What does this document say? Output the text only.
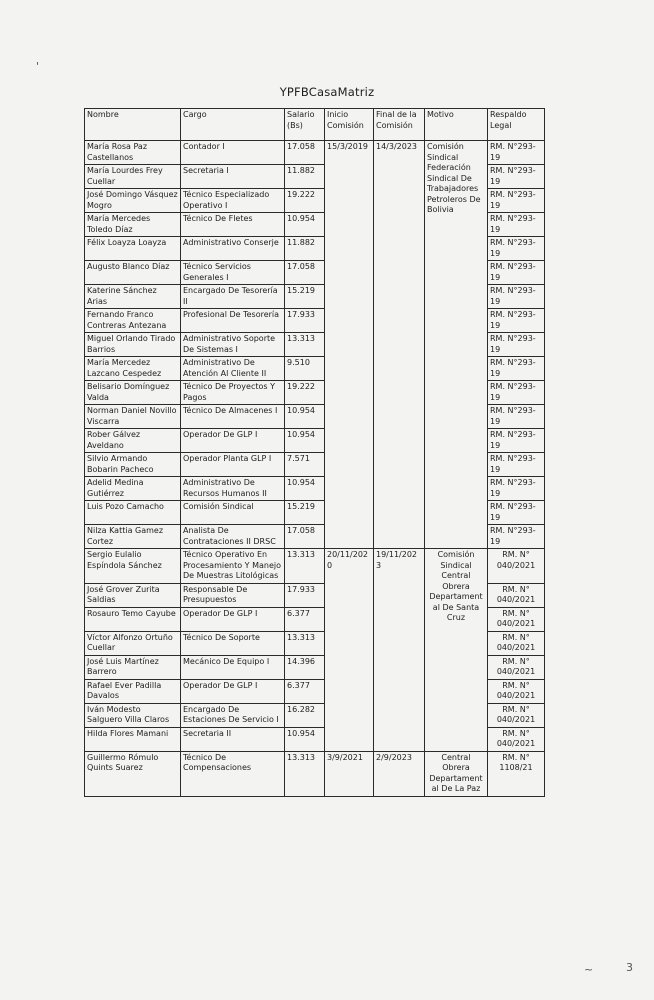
YPFBCasaMatriz
Nombre	Cargo	Salario (Bs)	Inicio Comisión	Final de la Comisión	Motivo	Respaldo Legal
María Rosa Paz Castellanos	Contador I	17.058	15/3/2019	14/3/2023	Comisión Sindical Federación Sindical De Trabajadores Petroleros De Bolivia	RM. N°293-19
María Lourdes Frey Cuellar	Secretaria I	11.882				RM. N°293-19
José Domingo Vásquez Mogro	Técnico Especializado Operativo I	19.222				RM. N°293-19
María Mercedes Toledo Díaz	Técnico De Fletes	10.954				RM. N°293-19
Félix Loayza Loayza	Administrativo Conserje	11.882				RM. N°293-19
Augusto Blanco Díaz	Técnico Servicios Generales I	17.058				RM. N°293-19
Katerine Sánchez Arias	Encargado De Tesorería II	15.219				RM. N°293-19
Fernando Franco Contreras Antezana	Profesional De Tesorería	17.933				RM. N°293-19
Miguel Orlando Tirado Barrios	Administrativo Soporte De Sistemas I	13.313				RM. N°293-19
María Mercedez Lazcano Cespedez	Administrativo De Atención Al Cliente II	9.510				RM. N°293-19
Belisario Domínguez Valda	Técnico De Proyectos Y Pagos	19.222				RM. N°293-19
Norman Daniel Novillo Viscarra	Técnico De Almacenes I	10.954				RM. N°293-19
Rober Gálvez Aveldano	Operador De GLP I	10.954				RM. N°293-19
Silvio Armando Bobarin Pacheco	Operador Planta GLP I	7.571				RM. N°293-19
Adelid Medina Gutiérrez	Administrativo De Recursos Humanos II	10.954				RM. N°293-19
Luis Pozo Camacho	Comisión Sindical	15.219				RM. N°293-19
Nilza Kattia Gamez Cortez	Analista De Contrataciones II DRSC	17.058				RM. N°293-19
Sergio Eulalio Espíndola Sánchez	Técnico Operativo En Procesamiento Y Manejo De Muestras Litológicas	13.313	20/11/2020	19/11/2023	Comisión Sindical Central Obrera Departamental De Santa Cruz	RM. N° 040/2021
José Grover Zurita Saldias	Responsable De Presupuestos	17.933				RM. N° 040/2021
Rosauro Temo Cayube	Operador De GLP I	6.377				RM. N° 040/2021
Víctor Alfonzo Ortuño Cuellar	Técnico De Soporte	13.313				RM. N° 040/2021
José Luis Martínez Barrero	Mecánico De Equipo I	14.396				RM. N° 040/2021
Rafael Ever Padilla Davalos	Operador De GLP I	6.377				RM. N° 040/2021
Iván Modesto Salguero Villa Claros	Encargado De Estaciones De Servicio I	16.282				RM. N° 040/2021
Hilda Flores Mamani	Secretaria II	10.954				RM. N° 040/2021
Guillermo Rómulo Quints Suarez	Técnico De Compensaciones	13.313	3/9/2021	2/9/2023	Central Obrera Departamental De La Paz	RM. N° 1108/21
'
~	3
